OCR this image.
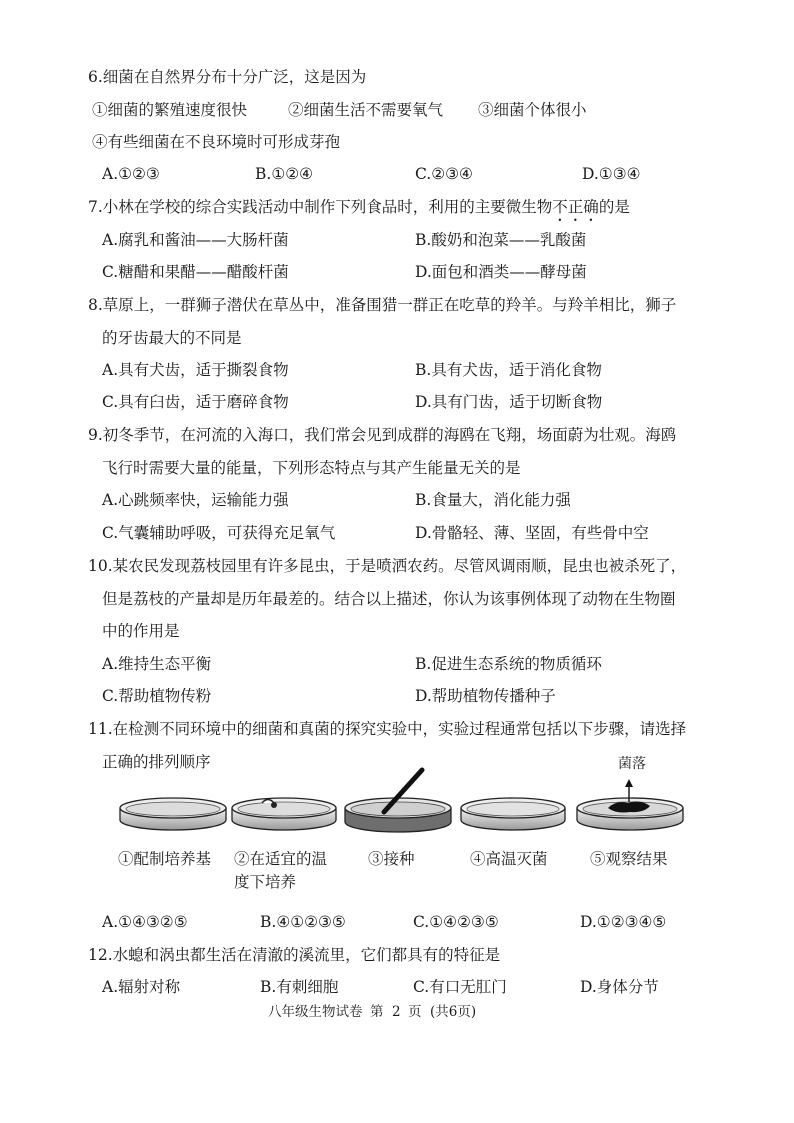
6.细菌在自然界分布十分广泛，这是因为
①细菌的繁殖速度很快	②细菌生活不需要氧气 ③细菌个体很小
④有些细菌在不良环境时可形成芽孢
A.①②③	B.①②④	C.②③④	D.①③④
7.小林在学校的综合实践活动中制作下列食品时，利用的主要微生物不正确的是
A.腐乳和酱油——大肠杆菌	B.酸奶和泡菜——乳酸菌
C.糖醋和果醋——醋酸杆菌	D.面包和酒类——酵母菌
8.草原上，一群狮子潜伏在草丛中，准备围猎一群正在吃草的羚羊。与羚羊相比，狮子
的牙齿最大的不同是
A.具有犬齿，适于撕裂食物	B.具有犬齿，适于消化食物
C.具有臼齿，适于磨碎食物	D.具有门齿，适于切断食物
9.初冬季节，在河流的入海口，我们常会见到成群的海鸥在飞翔，场面蔚为壮观。海鸥
飞行时需要大量的能量，下列形态特点与其产生能量无关的是
A.心跳频率快，运输能力强	B.食量大，消化能力强
C.气囊辅助呼吸，可获得充足氧气	D.骨骼轻、薄、坚固，有些骨中空
10.某农民发现荔枝园里有许多昆虫，于是喷洒农药。尽管风调雨顺，昆虫也被杀死了，
但是荔枝的产量却是历年最差的。结合以上描述，你认为该事例体现了动物在生物圈
中的作用是
A.维持生态平衡	B.促进生态系统的物质循环
C.帮助植物传粉	D.帮助植物传播种子
11.在检测不同环境中的细菌和真菌的探究实验中，实验过程通常包括以下步骤，请选择
正确的排列顺序	菌落
①配制培养基 ②在适宜的温
度下培养
③接种	④高温灭菌	⑤观察结果
A.①④③②⑤	B.④①②③⑤	C.①④②③⑤	D.①②③④⑤
12.水螅和涡虫都生活在清澈的溪流里，它们都具有的特征是
A.辐射对称	B.有刺细胞	C.有口无肛门	D.身体分节
八年级生物试卷 第 2 页 (共6页)
